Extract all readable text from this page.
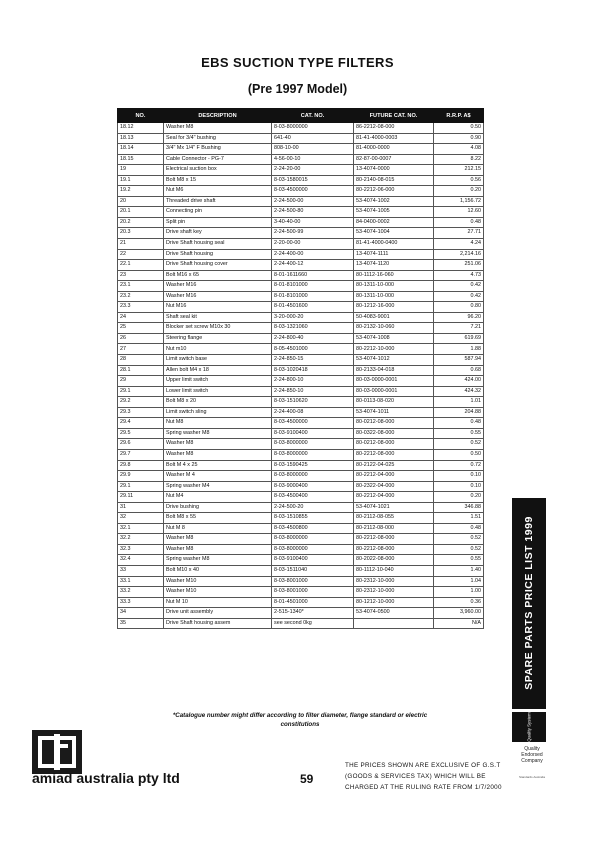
EBS SUCTION TYPE FILTERS
(Pre 1997 Model)
NO.	DESCRIPTION	CAT. NO.	FUTURE CAT. NO.	R.R.P. A$
18.12	Washer M8	8-03-8000000	86-2212-08-000	0.50
18.13	Seal for 3/4" bushing	641-40	81-41-4000-0003	0.90
18.14	3/4" Mx 1/4" F Bushing	808-10-00	81-4000-0000	4.08
18.15	Cable Connector - PG-7	4-56-00-10	82-87-00-0007	8.22
19	Electrical suction box	2-24-20-00	13-4074-0000	212.15
19.1	Bolt M8 x 15	8-03-1580015	80-2140-08-015	0.56
19.2	Nut M6	8-03-4500000	80-2212-06-000	0.20
20	Threaded drive shaft	2-24-500-00	53-4074-1002	1,156.72
20.1	Connecting pin	2-24-500-80	53-4074-1005	12.60
20.2	Split pin	3-40-40-00	84-0400-0002	0.48
20.3	Drive shaft key	2-24-500-99	53-4074-1004	27.71
21	Drive Shaft housing seal	2-20-00-00	81-41-4000-0400	4.24
22	Drive Shaft housing	2-24-400-00	13-4074-1111	2,214.16
22.1	Drive Shaft housing cover	2-24-400-12	13-4074-1120	251.06
23	Bolt M16 x 65	8-01-1611660	80-1112-16-060	4.73
23.1	Washer M16	8-01-8101000	80-1311-10-000	0.42
23.2	Washer M16	8-01-8101000	80-1311-10-000	0.42
23.3	Nut M16	8-01-4501600	80-1212-16-000	0.80
24	Shaft seal kit	3-20-000-20	50-4083-9001	96.20
25	Blocker set screw M10x 30	8-03-1321060	80-2132-10-060	7.21
26	Steering flange	2-24-800-40	53-4074-1008	619.69
27	Nut m10	8-05-4501000	80-2212-10-000	1.88
28	Limit switch base	2-24-850-15	53-4074-1012	587.94
28.1	Allen bolt M4 x 18	8-03-1020418	80-2133-04-018	0.68
29	Upper limit switch	2-24-800-10	80-03-0000-0001	424.00
29.1	Lower limit switch	2-24-850-10	80-03-0000-0001	424.32
29.2	Bolt M8 x 20	8-03-1510620	80-0113-08-020	1.01
29.3	Limit switch sling	2-24-400-08	53-4074-1011	204.88
29.4	Nut M8	8-03-4500000	80-0212-08-000	0.48
29.5	Spring washer M8	8-03-9100400	80-0322-08-000	0.55
29.6	Washer M8	8-03-8000000	80-0212-08-000	0.52
29.7	Washer M8	8-03-8000000	80-2212-08-000	0.50
29.8	Bolt M 4 x 25	8-03-1590425	80-2122-04-025	0.72
29.9	Washer M 4	8-03-8000000	80-2212-04-000	0.10
29.1	Spring washer M4	8-03-9000400	80-2322-04-000	0.10
29.11	Nut M4	8-03-4500400	80-2212-04-000	0.20
31	Drive bushing	2-24-500-20	53-4074-1021	346.88
32	Bolt M8 x 55	8-03-1510855	80-2112-08-055	1.51
32.1	Nut M 8	8-03-4500800	80-2112-08-000	0.48
32.2	Washer M8	8-03-8000000	80-2212-08-000	0.52
32.3	Washer M8	8-03-8000000	80-2212-08-000	0.52
32.4	Spring washer M8	8-03-9100400	80-2022-08-000	0.55
33	Bolt M10 x 40	8-03-1511040	80-1112-10-040	1.40
33.1	Washer M10	8-03-8001000	80-2312-10-000	1.04
33.2	Washer M10	8-03-8001000	80-2312-10-000	1.00
33.3	Nut M 10	8-01-4501000	80-1212-10-000	0.36
34	Drive unit assembly	2-515-1340*	53-4074-0500	3,960.00
35	Drive Shaft housing assem	see second 0kg		N/A
*Catalogue number might differ according to filter diameter, flange standard or electric
constitutions
amiad australia pty ltd	59
THE PRICES SHOWN ARE EXCLUSIVE OF G.S.T
(GOODS & SERVICES TAX) WHICH WILL BE
CHARGED AT THE RULING RATE FROM 1/7/2000
SPARE PARTS PRICE LIST 1999
Quality System
Quality
Endorsed
Company
Standards Australia
